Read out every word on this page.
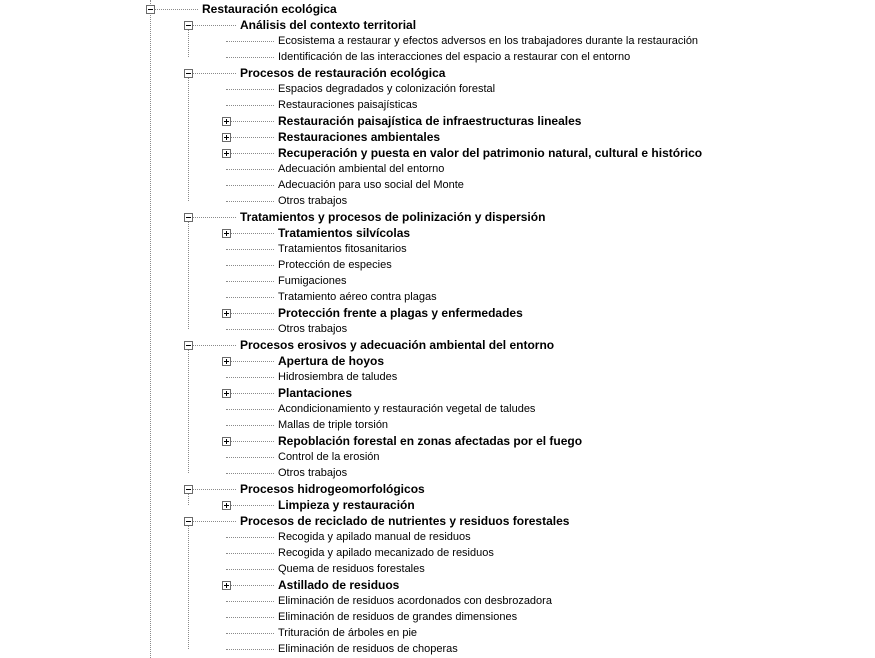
Restauración ecológica
Análisis del contexto territorial
Ecosistema a restaurar y efectos adversos en los trabajadores durante la restauración
Identificación de las interacciones del espacio a restaurar con el entorno
Procesos de restauración ecológica
Espacios degradados y colonización forestal
Restauraciones paisajísticas
Restauración paisajística de infraestructuras lineales
Restauraciones ambientales
Recuperación y puesta en valor del patrimonio natural, cultural e histórico
Adecuación ambiental del entorno
Adecuación para uso social del Monte
Otros trabajos
Tratamientos y procesos de polinización y dispersión
Tratamientos silvícolas
Tratamientos fitosanitarios
Protección de especies
Fumigaciones
Tratamiento aéreo contra plagas
Protección frente a plagas y enfermedades
Otros trabajos
Procesos erosivos y adecuación ambiental del entorno
Apertura de hoyos
Hidrosiembra de taludes
Plantaciones
Acondicionamiento y restauración vegetal de taludes
Mallas de triple torsión
Repoblación forestal en zonas afectadas por el fuego
Control de la erosión
Otros trabajos
Procesos hidrogeomorfológicos
Limpieza y restauración
Procesos de reciclado de nutrientes y residuos forestales
Recogida y apilado manual de residuos
Recogida y apilado mecanizado de residuos
Quema de residuos forestales
Astillado de residuos
Eliminación de residuos acordonados con desbrozadora
Eliminación de residuos de grandes dimensiones
Trituración de árboles en pie
Eliminación de residuos de choperas
